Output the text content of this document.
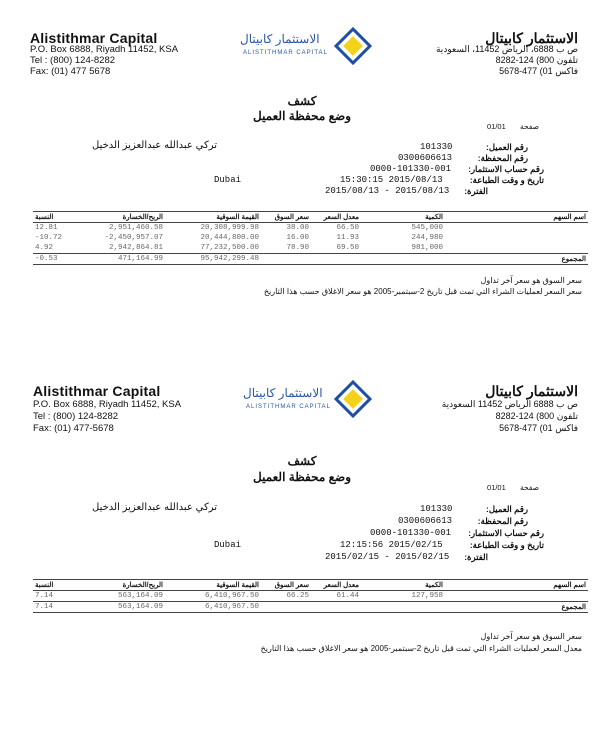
Alistithmar Capital
P.O. Box 6888, Riyadh 11452, KSA
Tel : (800) 124-8282
Fax: (01) 477 5678
الاستثمار كابيتال
ALISTITHMAR CAPITAL
الاستثمار كابيتال
ص ب 6888، الرياض 11452، السعودية
تلفون 800) 124-8282
فاكس 01) 477-5678
كشف
وضع محفظة العميل
01/01 صفحة
101330	رقم العميل:
تركي عبدالله عبدالعزيز الدخيل
0300606613	رقم المحفظة:
0000-101330-001 رقم حساب الاستثمار:
Dubai	15:30:15 2015/08/13	تاريخ و وقت الطباعة:
2015/08/13 - 2015/08/13 الفترة:
النسبة	الربح/الخسارة	القيمة السوقية	سعر السوق	معدل السعر	الكمية	اسم السهم
12.81	2,951,460.58	20,308,999.98	38.00	66.50	545,000	
-10.72	-2,450,957.07	20,444,800.00	16.00	11.93	244,980	
4.92	2,942,864.81	77,232,500.00	78.90	69.50	981,000	
-0.53	471,164.99	95,942,299.48				المجموع
سعر السوق هو سعر آخر تداول
سعر السعر لعمليات الشراء التي تمت قبل تاريخ 2-سبتمبر-2005 هو سعر الاغلاق حسب هذا التاريخ
Alistithmar Capital
P.O. Box 6888, Riyadh 11452, KSA
Tel : (800) 124-8282
Fax: (01) 477-5678
الاستثمار كابيتال
ALISTITHMAR CAPITAL
الاستثمار كابيتال
ص ب 6888 الرياض 11452 السعودية
تلفون 800) 124-8282
فاكس 01) 477-5678
كشف
وضع محفظة العميل
01/01 صفحة
101330	رقم العميل:
تركي عبدالله عبدالعزيز الدخيل
0300606613	رقم المحفظة:
0000-101330-001 رقم حساب الاستثمار:
Dubai	12:15:56 2015/02/15	تاريخ و وقت الطباعة:
2015/02/15 - 2015/02/15 الفترة:
النسبة	الربح/الخسارة	القيمة السوقية	سعر السوق	معدل السعر	الكمية	اسم السهم
7.14	563,164.09	6,410,967.50	66.25	61.44	127,958	
7.14	563,164.09	6,410,967.50				المجموع
سعر السوق هو سعر آخر تداول
معدل السعر لعمليات الشراء التي تمت قبل تاريخ 2-سبتمبر-2005 هو سعر الاغلاق حسب هذا التاريخ
